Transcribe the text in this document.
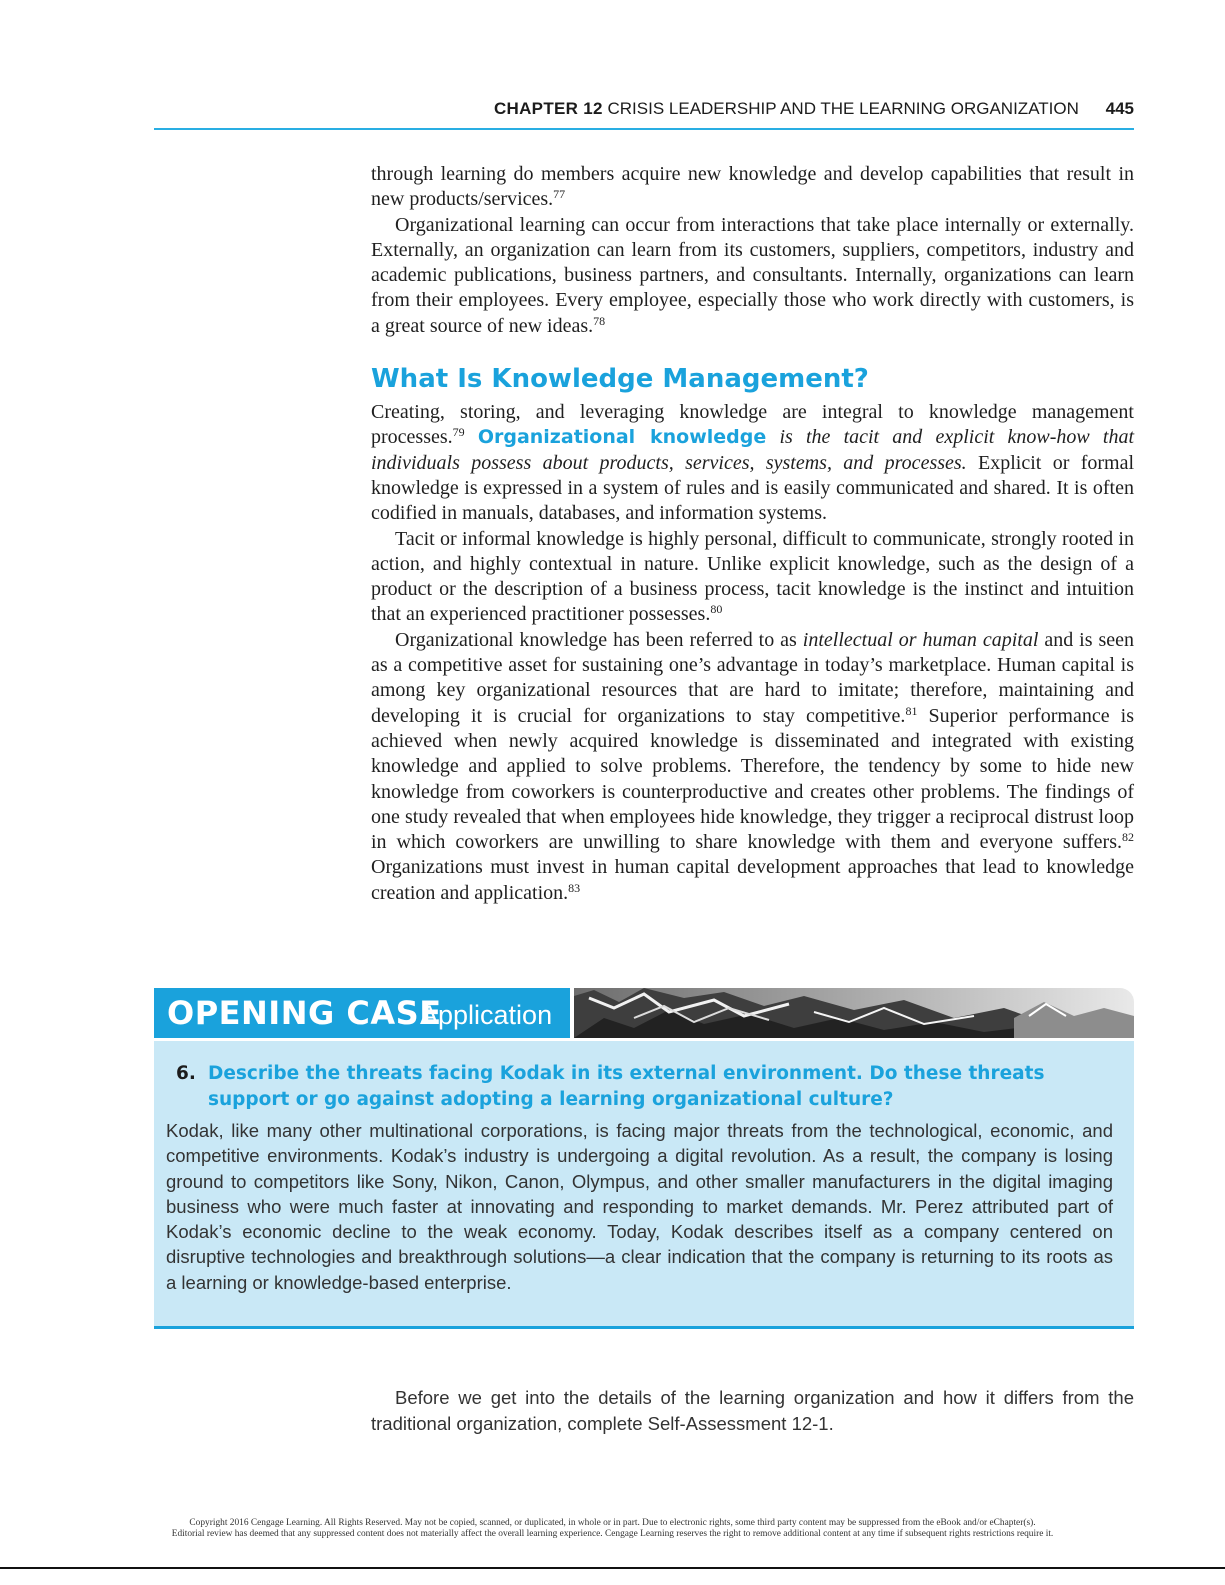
CHAPTER 12 CRISIS LEADERSHIP AND THE LEARNING ORGANIZATION 445

through learning do members acquire new knowledge and develop capabilities that result in new products/services.$^{77}$

Organizational learning can occur from interactions that take place internally or externally. Externally, an organization can learn from its customers, suppliers, competitors, industry and academic publications, business partners, and consultants. Internally, organizations can learn from their employees. Every employee, especially those who work directly with customers, is a great source of new ideas.$^{78}$

What Is Knowledge Management?

Creating, storing, and leveraging knowledge are integral to knowledge management processes.$^{79}$ Organizational knowledge is the tacit and explicit know-how that individuals possess about products, services, systems, and processes. Explicit or formal knowledge is expressed in a system of rules and is easily communicated and shared. It is often codified in manuals, databases, and information systems.

Tacit or informal knowledge is highly personal, difficult to communicate, strongly rooted in action, and highly contextual in nature. Unlike explicit knowledge, such as the design of a product or the description of a business process, tacit knowledge is the instinct and intuition that an experienced practitioner possesses.$^{80}$

Organizational knowledge has been referred to as intellectual or human capital and is seen as a competitive asset for sustaining one’s advantage in today’s marketplace. Human capital is among key organizational resources that are hard to imitate; therefore, maintaining and developing it is crucial for organizations to stay competitive.$^{81}$ Superior performance is achieved when newly acquired knowledge is disseminated and integrated with existing knowledge and applied to solve problems. Therefore, the tendency by some to hide new knowledge from coworkers is counterproductive and creates other problems. The findings of one study revealed that when employees hide knowledge, they trigger a reciprocal distrust loop in which coworkers are unwilling to share knowledge with them and everyone suffers.$^{82}$ Organizations must invest in human capital development approaches that lead to knowledge creation and application.$^{83}$

OPENING CASE
Application
6. Describe the threats facing Kodak in its external environment. Do these threats support or go against adopting a learning organizational culture?
Kodak, like many other multinational corporations, is facing major threats from the technological, economic, and competitive environments. Kodak’s industry is undergoing a digital revolution. As a result, the company is losing ground to competitors like Sony, Nikon, Canon, Olympus, and other smaller manufacturers in the digital imaging business who were much faster at innovating and responding to market demands. Mr. Perez attributed part of Kodak’s economic decline to the weak economy. Today, Kodak describes itself as a company centered on disruptive technologies and breakthrough solutions—a clear indication that the company is returning to its roots as a learning or knowledge-based enterprise.
Before we get into the details of the learning organization and how it differs from the traditional organization, complete Self-Assessment 12-1.
Copyright 2016 Cengage Learning. All Rights Reserved. May not be copied, scanned, or duplicated, in whole or in part. Due to electronic rights, some third party content may be suppressed from the eBook and/or eChapter(s).
Editorial review has deemed that any suppressed content does not materially affect the overall learning experience. Cengage Learning reserves the right to remove additional content at any time if subsequent rights restrictions require it.
